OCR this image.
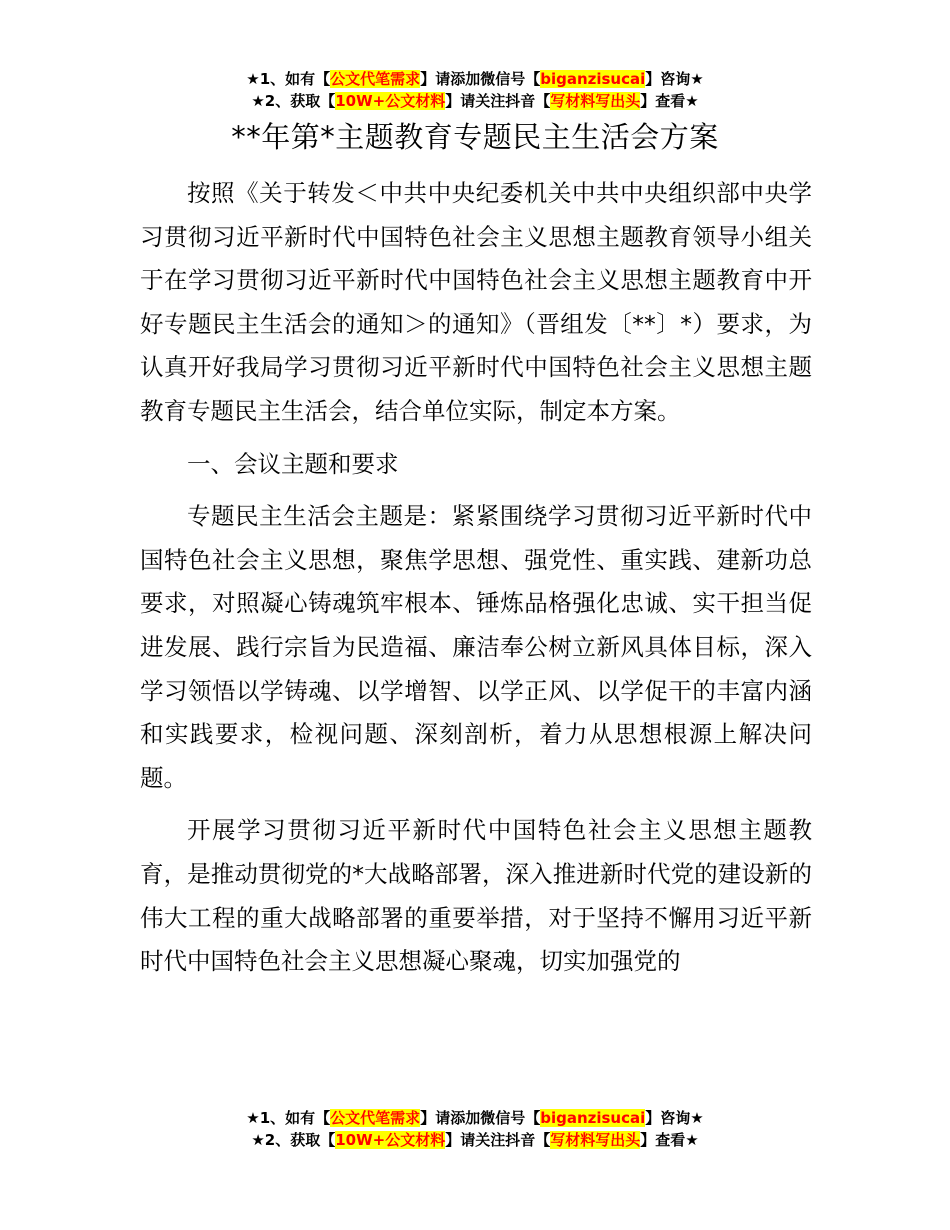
★1、如有【公文代笔需求】请添加微信号【biganzisucai】咨询★
★2、获取【10W+公文材料】请关注抖音【写材料写出头】查看★
**年第*主题教育专题民主生活会方案

按照《关于转发＜中共中央纪委机关中共中央组织部中央学习贯彻习近平新时代中国特色社会主义思想主题教育领导小组关于在学习贯彻习近平新时代中国特色社会主义思想主题教育中开好专题民主生活会的通知＞的通知》（晋组发〔**〕*）要求，为认真开好我局学习贯彻习近平新时代中国特色社会主义思想主题教育专题民主生活会，结合单位实际，制定本方案。

一、会议主题和要求

专题民主生活会主题是：紧紧围绕学习贯彻习近平新时代中国特色社会主义思想，聚焦学思想、强党性、重实践、建新功总要求，对照凝心铸魂筑牢根本、锤炼品格强化忠诚、实干担当促进发展、践行宗旨为民造福、廉洁奉公树立新风具体目标，深入学习领悟以学铸魂、以学增智、以学正风、以学促干的丰富内涵和实践要求，检视问题、深刻剖析，着力从思想根源上解决问题。

开展学习贯彻习近平新时代中国特色社会主义思想主题教育，是推动贯彻党的*大战略部署，深入推进新时代党的建设新的伟大工程的重大战略部署的重要举措，对于坚持不懈用习近平新时代中国特色社会主义思想凝心聚魂，切实加强党的

★1、如有【公文代笔需求】请添加微信号【biganzisucai】咨询★
★2、获取【10W+公文材料】请关注抖音【写材料写出头】查看★
